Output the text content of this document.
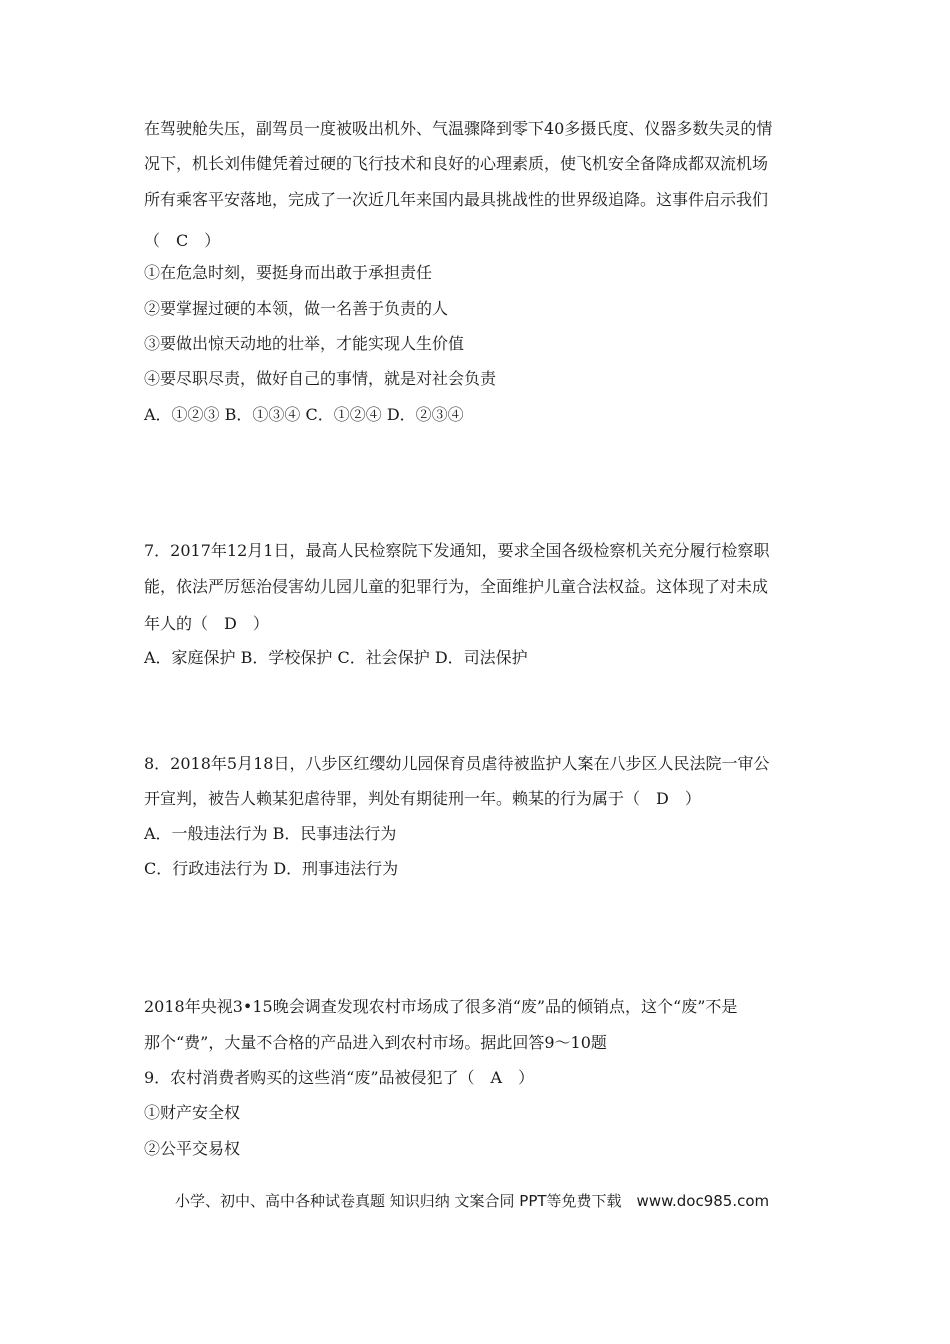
在驾驶舱失压，副驾员一度被吸出机外、气温骤降到零下40多摄氏度、仪器多数失灵的情
况下，机长刘伟健凭着过硬的飞行技术和良好的心理素质，使飞机安全备降成都双流机场
所有乘客平安落地，完成了一次近几年来国内最具挑战性的世界级追降。这事件启示我们
（　C　）
①在危急时刻，要挺身而出敢于承担责任
②要掌握过硬的本领，做一名善于负责的人
③要做出惊天动地的壮举，才能实现人生价值
④要尽职尽责，做好自己的事情，就是对社会负责
A．①②③ B．①③④ C．①②④ D．②③④
7．2017年12月1日，最高人民检察院下发通知，要求全国各级检察机关充分履行检察职
能，依法严厉惩治侵害幼儿园儿童的犯罪行为，全面维护儿童合法权益。这体现了对未成
年人的（　D　）
A．家庭保护 B．学校保护 C．社会保护 D．司法保护
8．2018年5月18日，八步区红缨幼儿园保育员虐待被监护人案在八步区人民法院一审公
开宣判，被告人赖某犯虐待罪，判处有期徒刑一年。赖某的行为属于（　D　）
A．一般违法行为 B．民事违法行为
C．行政违法行为 D．刑事违法行为
2018年央视3•15晚会调查发现农村市场成了很多消“废”品的倾销点，这个“废”不是
那个“费”，大量不合格的产品进入到农村市场。据此回答9～10题
9．农村消费者购买的这些消“废”品被侵犯了（　A　）
①财产安全权
②公平交易权
小学、初中、高中各种试卷真题 知识归纳 文案合同 PPT等免费下载　www.doc985.com
